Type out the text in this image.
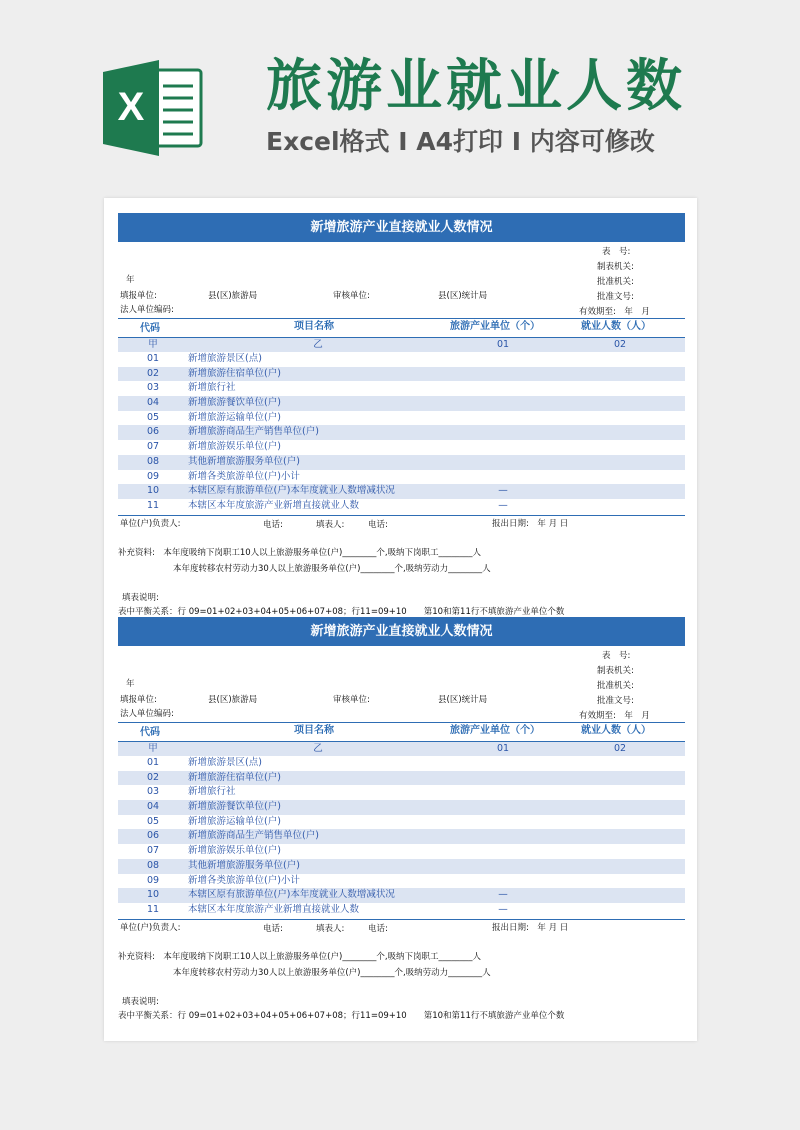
X 旅游业就业人数
Excel格式 I A4打印 I 内容可修改
新增旅游产业直接就业人数情况
表　号:
制表机关:
年	批准机关:
填报单位:	县(区)旅游局	审核单位:	县(区)统计局	批准文号:
法人单位编码:	有效期至:　年　月
代码	项目名称	旅游产业单位（个）	就业人数（人）
甲	乙	01	02
01	新增旅游景区(点)
02	新增旅游住宿单位(户)
03	新增旅行社
04	新增旅游餐饮单位(户)
05	新增旅游运输单位(户)
06	新增旅游商品生产销售单位(户)
07	新增旅游娱乐单位(户)
08	其他新增旅游服务单位(户)
09	新增各类旅游单位(户)小计
10	本辖区原有旅游单位(户)本年度就业人数增减状况	—
11	本辖区本年度旅游产业新增直接就业人数	—
单位(户)负责人:	电话:	填表人:	电话:	报出日期:　年 月 日
补充资料:　本年度吸纳下岗职工10人以上旅游服务单位(户)________个,吸纳下岗职工________人
本年度转移农村劳动力30人以上旅游服务单位(户)________个,吸纳劳动力________人
填表说明:
表中平衡关系：行 09=01+02+03+04+05+06+07+08；行11=09+10　　第10和第11行不填旅游产业单位个数
新增旅游产业直接就业人数情况
表　号:
制表机关:
年	批准机关:
填报单位:	县(区)旅游局	审核单位:	县(区)统计局	批准文号:
法人单位编码:	有效期至:　年　月
代码	项目名称	旅游产业单位（个）	就业人数（人）
甲	乙	01	02
01	新增旅游景区(点)
02	新增旅游住宿单位(户)
03	新增旅行社
04	新增旅游餐饮单位(户)
05	新增旅游运输单位(户)
06	新增旅游商品生产销售单位(户)
07	新增旅游娱乐单位(户)
08	其他新增旅游服务单位(户)
09	新增各类旅游单位(户)小计
10	本辖区原有旅游单位(户)本年度就业人数增减状况	—
11	本辖区本年度旅游产业新增直接就业人数	—
单位(户)负责人:	电话:	填表人:	电话:	报出日期:　年 月 日
补充资料:　本年度吸纳下岗职工10人以上旅游服务单位(户)________个,吸纳下岗职工________人
本年度转移农村劳动力30人以上旅游服务单位(户)________个,吸纳劳动力________人
填表说明:
表中平衡关系：行 09=01+02+03+04+05+06+07+08；行11=09+10　　第10和第11行不填旅游产业单位个数
